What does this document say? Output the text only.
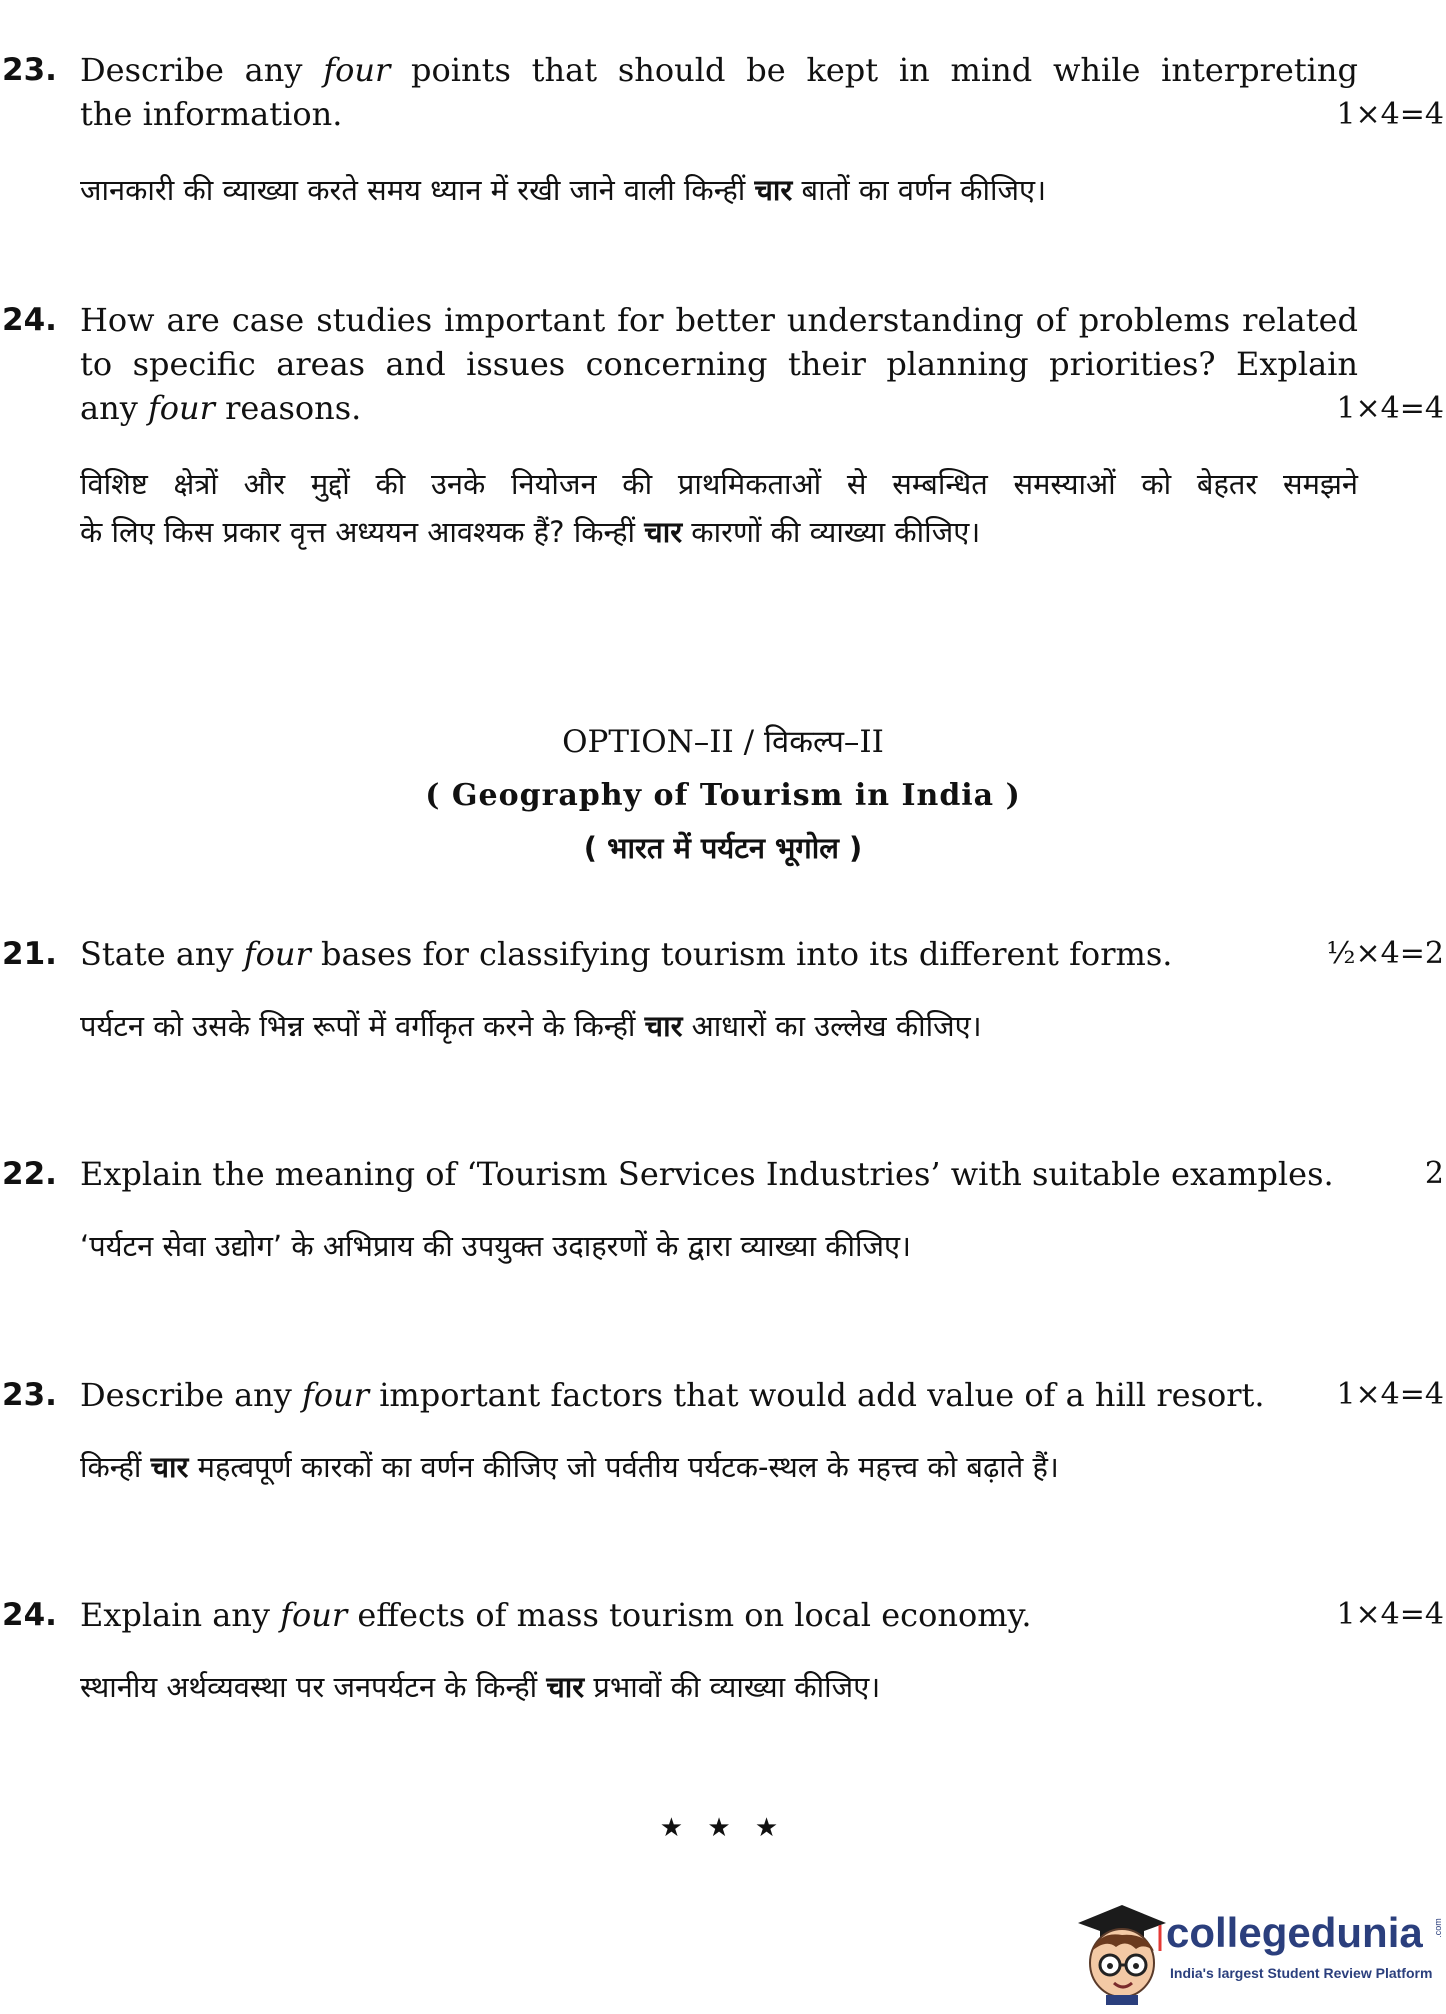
23. Describe any four points that should be kept in mind while interpreting
the information.	1×4=4
जानकारी की व्याख्या करते समय ध्यान में रखी जाने वाली किन्हीं चार बातों का वर्णन कीजिए।
24. How are case studies important for better understanding of problems related
to specific areas and issues concerning their planning priorities? Explain
any four reasons.	1×4=4
विशिष्ट क्षेत्रों और मुद्दों की उनके नियोजन की प्राथमिकताओं से सम्बन्धित समस्याओं को बेहतर समझने
के लिए किस प्रकार वृत्त अध्ययन आवश्यक हैं? किन्हीं चार कारणों की व्याख्या कीजिए।
OPTION–II / विकल्प–II
( Geography of Tourism in India )
( भारत में पर्यटन भूगोल )
21. State any four bases for classifying tourism into its different forms.	½×4=2
पर्यटन को उसके भिन्न रूपों में वर्गीकृत करने के किन्हीं चार आधारों का उल्लेख कीजिए।
22. Explain the meaning of ‘Tourism Services Industries’ with suitable examples.	2
‘पर्यटन सेवा उद्योग’ के अभिप्राय की उपयुक्त उदाहरणों के द्वारा व्याख्या कीजिए।
23. Describe any four important factors that would add value of a hill resort.	1×4=4
किन्हीं चार महत्वपूर्ण कारकों का वर्णन कीजिए जो पर्वतीय पर्यटक-स्थल के महत्त्व को बढ़ाते हैं।
24. Explain any four effects of mass tourism on local economy.	1×4=4
स्थानीय अर्थव्यवस्था पर जनपर्यटन के किन्हीं चार प्रभावों की व्याख्या कीजिए।
★ ★ ★
collegedunia .com
India's largest Student Review Platform
